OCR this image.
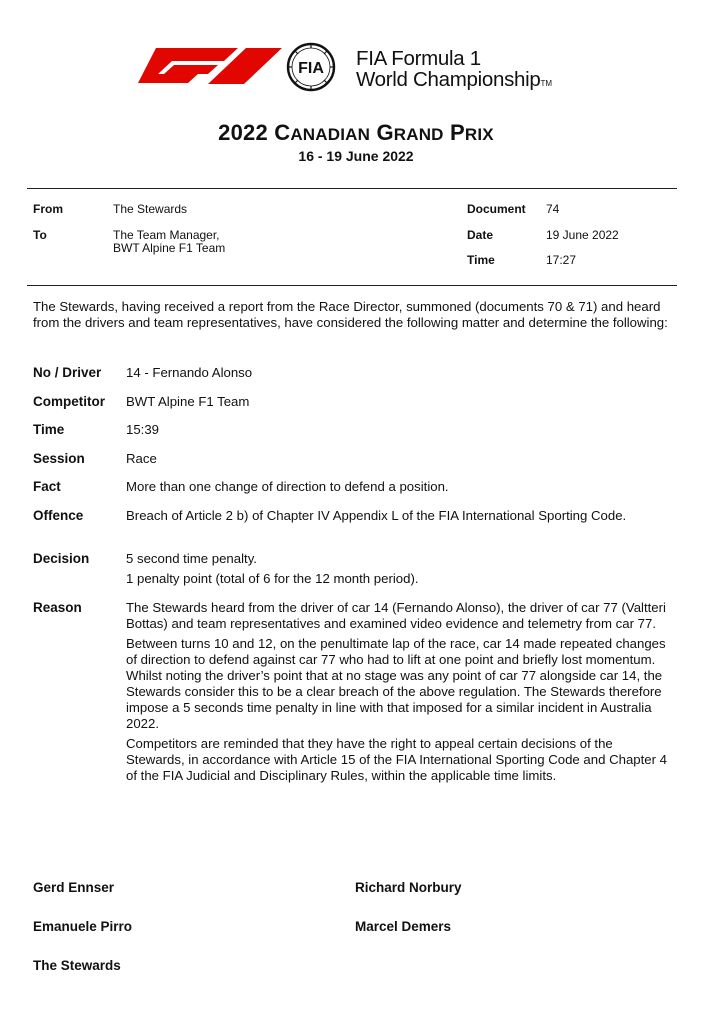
FIA FIA Formula 1
World ChampionshipTM
2022 CANADIAN GRAND PRIX
16 - 19 June 2022
From	The Stewards
To	The Team Manager,
BWT Alpine F1 Team
Document 74
Date	19 June 2022
Time	17:27
The Stewards, having received a report from the Race Director, summoned (documents 70 & 71) and heard from the drivers and team representatives, have considered the following matter and determine the following:
No / Driver 14 - Fernando Alonso
Competitor BWT Alpine F1 Team
Time	15:39
Session	Race
Fact	More than one change of direction to defend a position.
Offence	Breach of Article 2 b) of Chapter IV Appendix L of the FIA International Sporting Code.
Decision	5 second time penalty.
1 penalty point (total of 6 for the 12 month period).
Reason	The Stewards heard from the driver of car 14 (Fernando Alonso), the driver of car 77 (Valtteri Bottas) and team representatives and examined video evidence and telemetry from car 77.
Between turns 10 and 12, on the penultimate lap of the race, car 14 made repeated changes of direction to defend against car 77 who had to lift at one point and briefly lost momentum. Whilst noting the driver’s point that at no stage was any point of car 77 alongside car 14, the Stewards consider this to be a clear breach of the above regulation. The Stewards therefore impose a 5 seconds time penalty in line with that imposed for a similar incident in Australia 2022.
Competitors are reminded that they have the right to appeal certain decisions of the Stewards, in accordance with Article 15 of the FIA International Sporting Code and Chapter 4 of the FIA Judicial and Disciplinary Rules, within the applicable time limits.
Gerd Ennser	Richard Norbury
Emanuele Pirro	Marcel Demers
The Stewards
